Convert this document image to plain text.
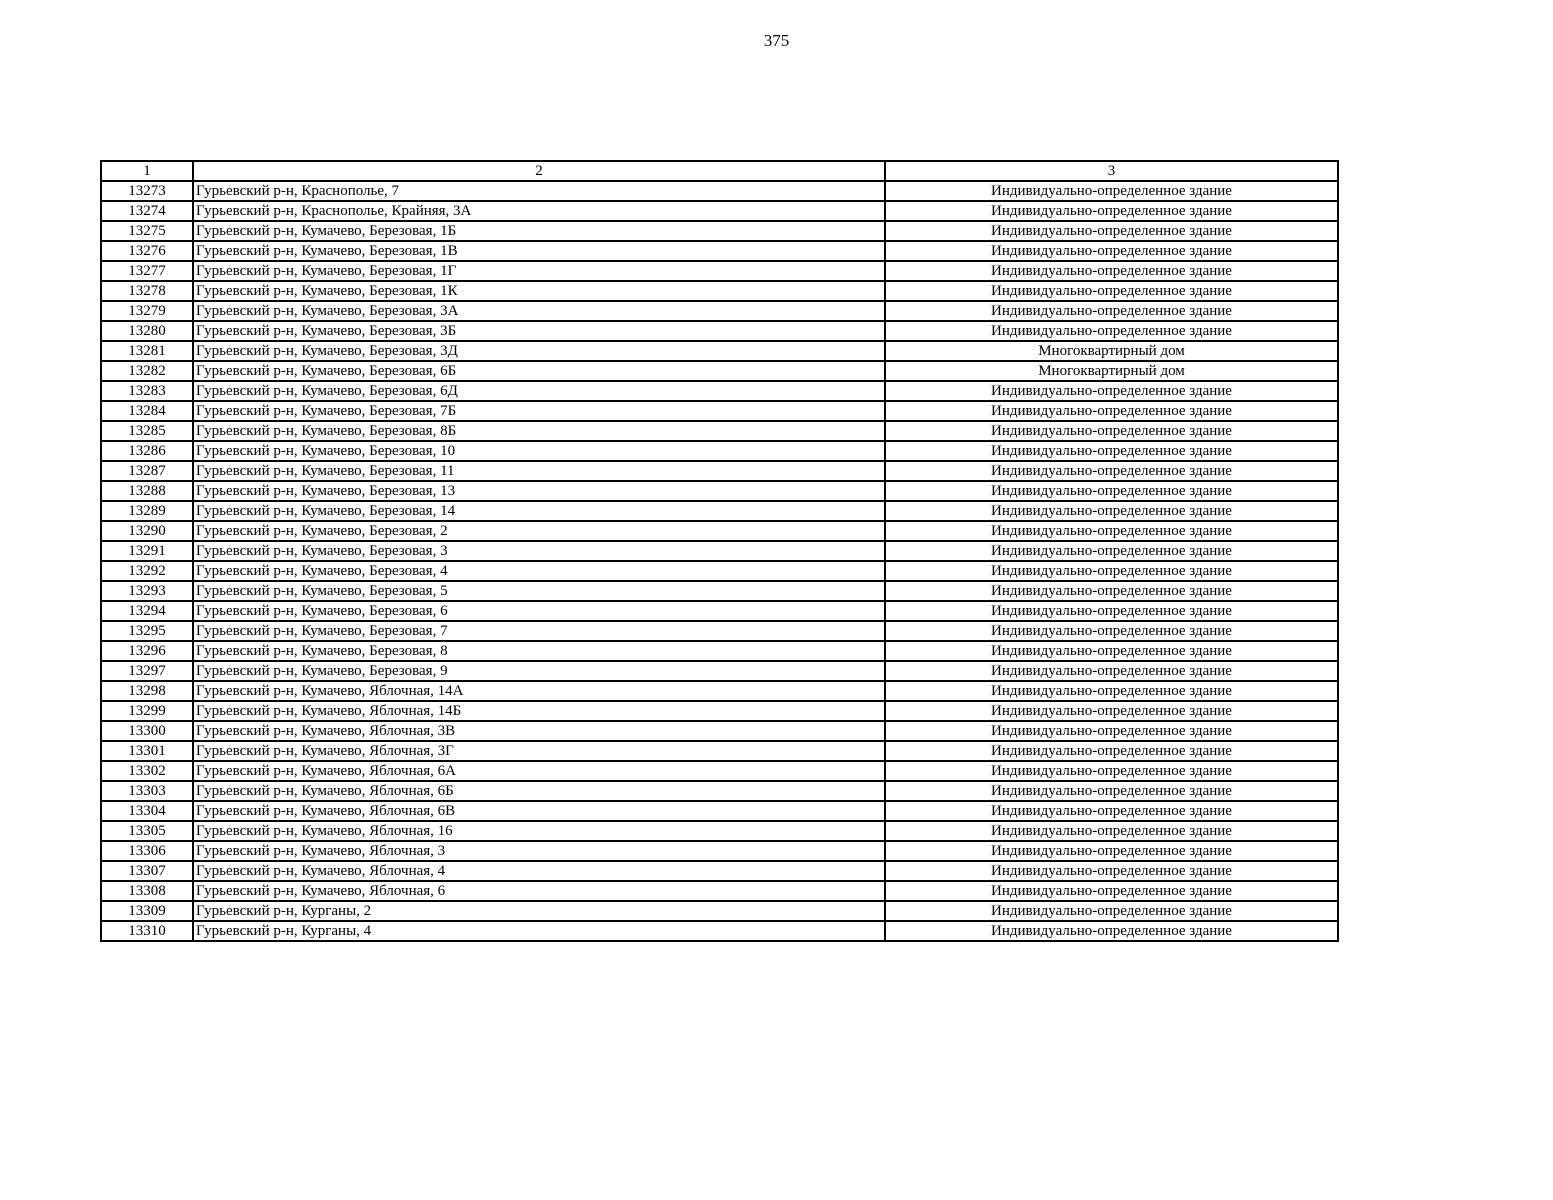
375
1	2	3
13273	Гурьевский р-н, Краснополье, 7	Индивидуально-определенное здание
13274	Гурьевский р-н, Краснополье, Крайняя, 3А	Индивидуально-определенное здание
13275	Гурьевский р-н, Кумачево, Березовая, 1Б	Индивидуально-определенное здание
13276	Гурьевский р-н, Кумачево, Березовая, 1В	Индивидуально-определенное здание
13277	Гурьевский р-н, Кумачево, Березовая, 1Г	Индивидуально-определенное здание
13278	Гурьевский р-н, Кумачево, Березовая, 1К	Индивидуально-определенное здание
13279	Гурьевский р-н, Кумачево, Березовая, 3А	Индивидуально-определенное здание
13280	Гурьевский р-н, Кумачево, Березовая, 3Б	Индивидуально-определенное здание
13281	Гурьевский р-н, Кумачево, Березовая, 3Д	Многоквартирный дом
13282	Гурьевский р-н, Кумачево, Березовая, 6Б	Многоквартирный дом
13283	Гурьевский р-н, Кумачево, Березовая, 6Д	Индивидуально-определенное здание
13284	Гурьевский р-н, Кумачево, Березовая, 7Б	Индивидуально-определенное здание
13285	Гурьевский р-н, Кумачево, Березовая, 8Б	Индивидуально-определенное здание
13286	Гурьевский р-н, Кумачево, Березовая, 10	Индивидуально-определенное здание
13287	Гурьевский р-н, Кумачево, Березовая, 11	Индивидуально-определенное здание
13288	Гурьевский р-н, Кумачево, Березовая, 13	Индивидуально-определенное здание
13289	Гурьевский р-н, Кумачево, Березовая, 14	Индивидуально-определенное здание
13290	Гурьевский р-н, Кумачево, Березовая, 2	Индивидуально-определенное здание
13291	Гурьевский р-н, Кумачево, Березовая, 3	Индивидуально-определенное здание
13292	Гурьевский р-н, Кумачево, Березовая, 4	Индивидуально-определенное здание
13293	Гурьевский р-н, Кумачево, Березовая, 5	Индивидуально-определенное здание
13294	Гурьевский р-н, Кумачево, Березовая, 6	Индивидуально-определенное здание
13295	Гурьевский р-н, Кумачево, Березовая, 7	Индивидуально-определенное здание
13296	Гурьевский р-н, Кумачево, Березовая, 8	Индивидуально-определенное здание
13297	Гурьевский р-н, Кумачево, Березовая, 9	Индивидуально-определенное здание
13298	Гурьевский р-н, Кумачево, Яблочная, 14А	Индивидуально-определенное здание
13299	Гурьевский р-н, Кумачево, Яблочная, 14Б	Индивидуально-определенное здание
13300	Гурьевский р-н, Кумачево, Яблочная, 3В	Индивидуально-определенное здание
13301	Гурьевский р-н, Кумачево, Яблочная, 3Г	Индивидуально-определенное здание
13302	Гурьевский р-н, Кумачево, Яблочная, 6А	Индивидуально-определенное здание
13303	Гурьевский р-н, Кумачево, Яблочная, 6Б	Индивидуально-определенное здание
13304	Гурьевский р-н, Кумачево, Яблочная, 6В	Индивидуально-определенное здание
13305	Гурьевский р-н, Кумачево, Яблочная, 16	Индивидуально-определенное здание
13306	Гурьевский р-н, Кумачево, Яблочная, 3	Индивидуально-определенное здание
13307	Гурьевский р-н, Кумачево, Яблочная, 4	Индивидуально-определенное здание
13308	Гурьевский р-н, Кумачево, Яблочная, 6	Индивидуально-определенное здание
13309	Гурьевский р-н, Курганы, 2	Индивидуально-определенное здание
13310	Гурьевский р-н, Курганы, 4	Индивидуально-определенное здание
